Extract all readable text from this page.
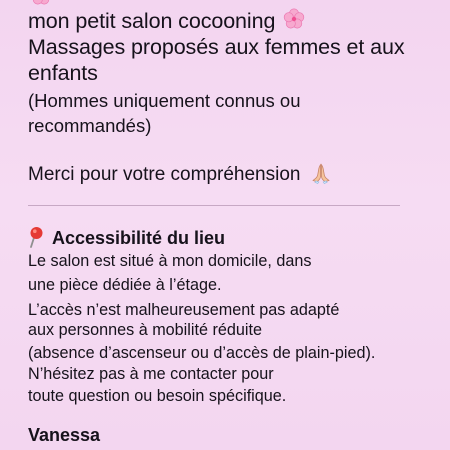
mon petit salon cocooning
Massages proposés aux femmes et aux
enfants
(Hommes uniquement connus ou
recommandés)
Merci pour votre compréhension
Accessibilité du lieu
Le salon est situé à mon domicile, dans
une pièce dédiée à l’étage.
L’accès n’est malheureusement pas adapté
aux personnes à mobilité réduite
(absence d’ascenseur ou d’accès de plain-pied).
N’hésitez pas à me contacter pour
toute question ou besoin spécifique.
Vanessa
